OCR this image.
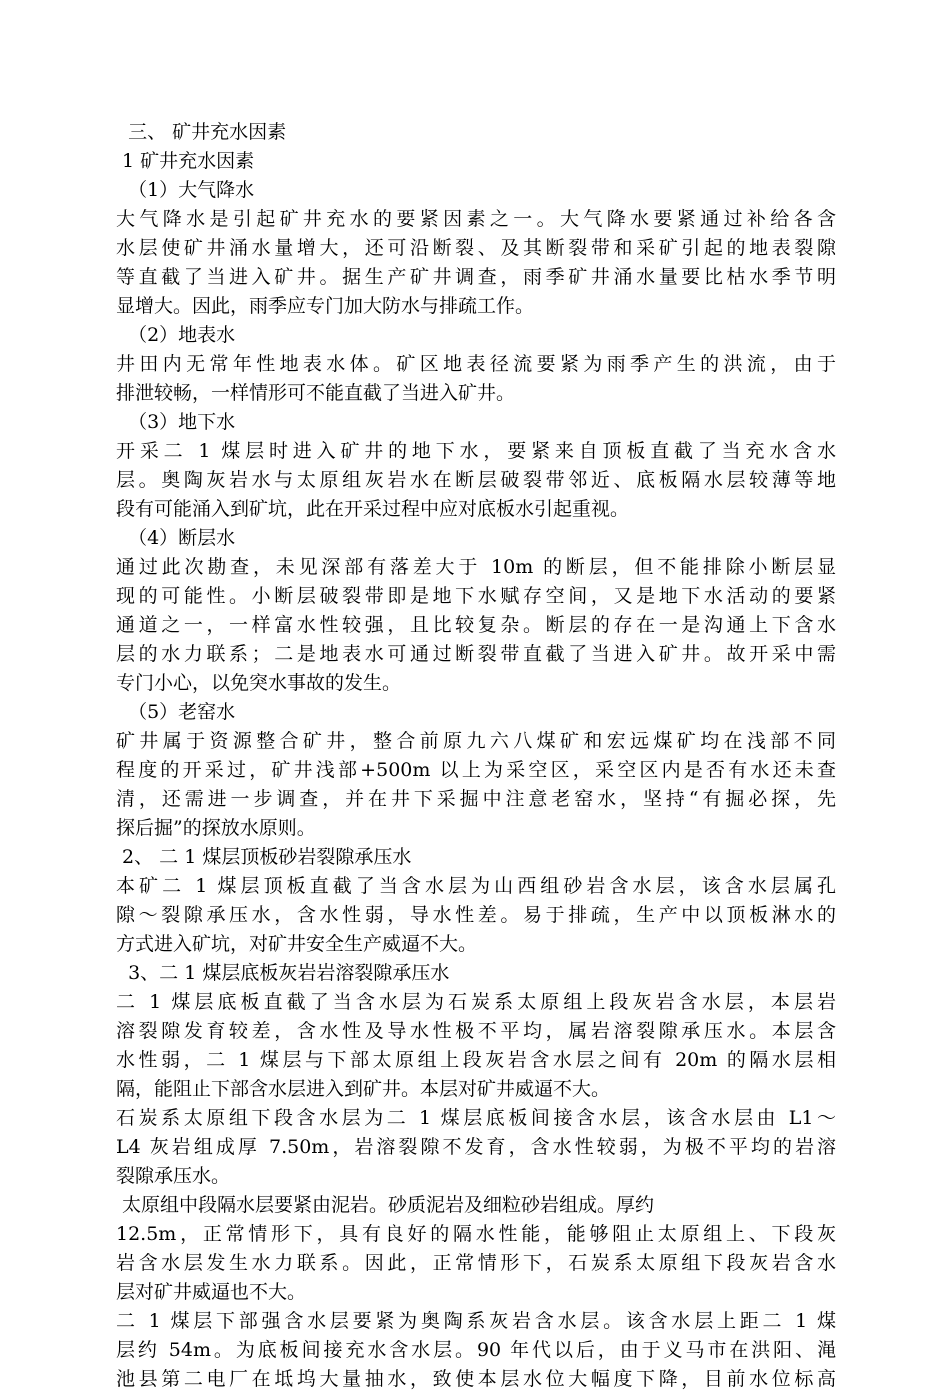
三、 矿井充水因素
1 矿井充水因素
（1）大气降水
大气降水是引起矿井充水的要紧因素之一。大气降水要紧通过补给各含
水层使矿井涌水量增大，还可沿断裂、及其断裂带和采矿引起的地表裂隙
等直截了当进入矿井。据生产矿井调查，雨季矿井涌水量要比枯水季节明
显增大。因此，雨季应专门加大防水与排疏工作。
（2）地表水
井田内无常年性地表水体。矿区地表径流要紧为雨季产生的洪流，由于
排泄较畅，一样情形可不能直截了当进入矿井。
（3）地下水
开采二 1 煤层时进入矿井的地下水，要紧来自顶板直截了当充水含水
层。奥陶灰岩水与太原组灰岩水在断层破裂带邻近、底板隔水层较薄等地
段有可能涌入到矿坑，此在开采过程中应对底板水引起重视。
（4）断层水
通过此次勘查，未见深部有落差大于 10m 的断层，但不能排除小断层显
现的可能性。小断层破裂带即是地下水赋存空间，又是地下水活动的要紧
通道之一，一样富水性较强，且比较复杂。断层的存在一是沟通上下含水
层的水力联系；二是地表水可通过断裂带直截了当进入矿井。故开采中需
专门小心，以免突水事故的发生。
（5）老窑水
矿井属于资源整合矿井，整合前原九六八煤矿和宏远煤矿均在浅部不同
程度的开采过，矿井浅部+500m 以上为采空区，采空区内是否有水还未查
清，还需进一步调查，并在井下采掘中注意老窑水，坚持“有掘必探，先
探后掘”的探放水原则。
2、 二 1 煤层顶板砂岩裂隙承压水
本矿二 1 煤层顶板直截了当含水层为山西组砂岩含水层，该含水层属孔
隙～裂隙承压水，含水性弱，导水性差。易于排疏，生产中以顶板淋水的
方式进入矿坑，对矿井安全生产威逼不大。
3、二 1 煤层底板灰岩岩溶裂隙承压水
二 1 煤层底板直截了当含水层为石炭系太原组上段灰岩含水层，本层岩
溶裂隙发育较差，含水性及导水性极不平均，属岩溶裂隙承压水。本层含
水性弱，二 1 煤层与下部太原组上段灰岩含水层之间有 20m 的隔水层相
隔，能阻止下部含水层进入到矿井。本层对矿井威逼不大。
石炭系太原组下段含水层为二 1 煤层底板间接含水层，该含水层由 L1～
L4 灰岩组成厚 7.50m，岩溶裂隙不发育，含水性较弱，为极不平均的岩溶
裂隙承压水。
太原组中段隔水层要紧由泥岩。砂质泥岩及细粒砂岩组成。厚约
12.5m，正常情形下，具有良好的隔水性能，能够阻止太原组上、下段灰
岩含水层发生水力联系。因此，正常情形下，石炭系太原组下段灰岩含水
层对矿井威逼也不大。
二 1 煤层下部强含水层要紧为奥陶系灰岩含水层。该含水层上距二 1 煤
层约 54m。为底板间接充水含水层。90 年代以后，由于义马市在洪阳、渑
池县第二电厂在坻坞大量抽水，致使本层水位大幅度下降，目前水位标高
